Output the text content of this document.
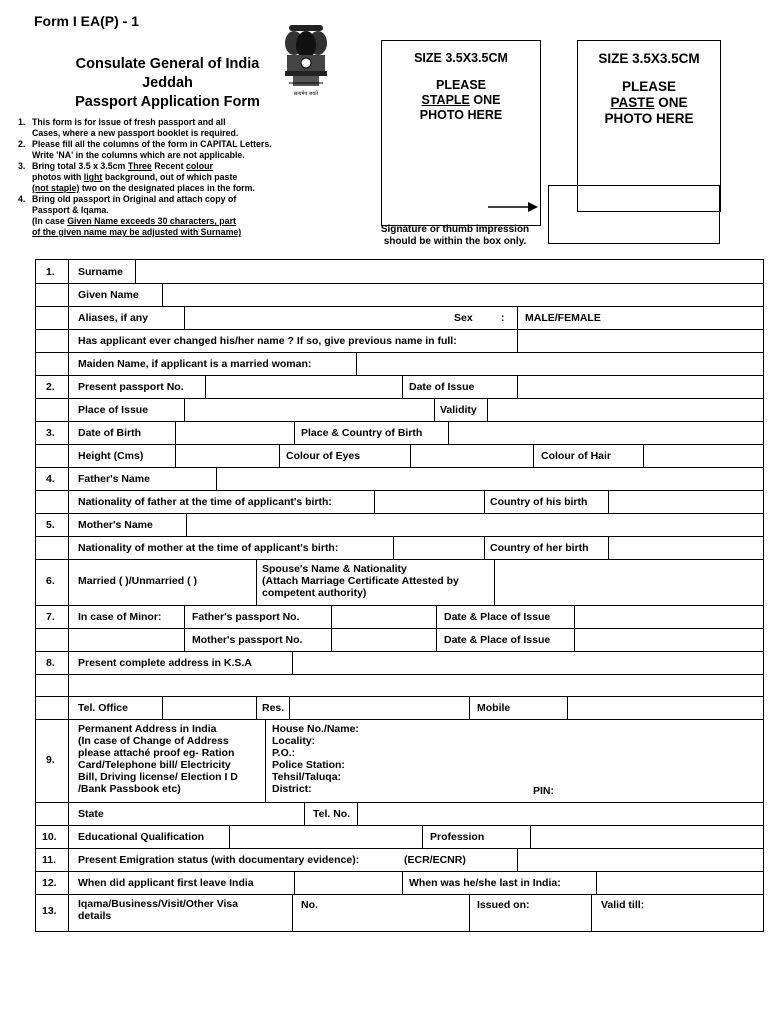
Form I EA(P) - 1
Consulate General of India
Jeddah
Passport Application Form	सत्यमेव जयते
SIZE 3.5X3.5CM
PLEASE
STAPLE ONE
PHOTO HERE
SIZE 3.5X3.5CM
PLEASE
PASTE ONE
PHOTO HERE
1. This form is for issue of fresh passport and all
Cases, where a new passport booklet is required.
2. Please fill all the columns of the form in CAPITAL Letters.
Write 'NA' in the columns which are not applicable.
3. Bring total 3.5 x 3.5cm Three Recent colour
photos with light background, out of which paste
(not staple) two on the designated places in the form.
4. Bring old passport in Original and attach copy of
Passport & Iqama.
(In case Given Name exceeds 30 characters, part
of the given name may be adjusted with Surname)	Signature or thumb impression
should be within the box only.
1. Surname
Given Name
Aliases, if any	Sex	: MALE/FEMALE
Has applicant ever changed his/her name ? If so, give previous name in full:
Maiden Name, if applicant is a married woman:
2. Present passport No.	Date of Issue
Place of Issue	Validity
3. Date of Birth	Place & Country of Birth
Height (Cms)	Colour of Eyes	Colour of Hair
4. Father's Name
Nationality of father at the time of applicant's birth:	Country of his birth
5. Mother's Name
Nationality of mother at the time of applicant's birth:	Country of her birth
6. Married ( )/Unmarried ( )
Spouse's Name & Nationality
(Attach Marriage Certificate Attested by
competent authority)
7. In case of Minor:	Father's passport No.	Date & Place of Issue
Mother's passport No.	Date & Place of Issue
8. Present complete address in K.S.A
Tel. Office	Res.	Mobile
9.
Permanent Address in India
(In case of Change of Address
please attaché proof eg- Ration
Card/Telephone bill/ Electricity
Bill, Driving license/ Election I D
/Bank Passbook etc)
House No./Name:
Locality:
P.O.:
Police Station:
Tehsil/Taluqa:
District:	PIN:
State	Tel. No.
10. Educational Qualification	Profession
11. Present Emigration status (with documentary evidence):	(ECR/ECNR)
12. When did applicant first leave India	When was he/she last in India:
13.
Iqama/Business/Visit/Other Visa
details
No.	Issued on:	Valid till:
